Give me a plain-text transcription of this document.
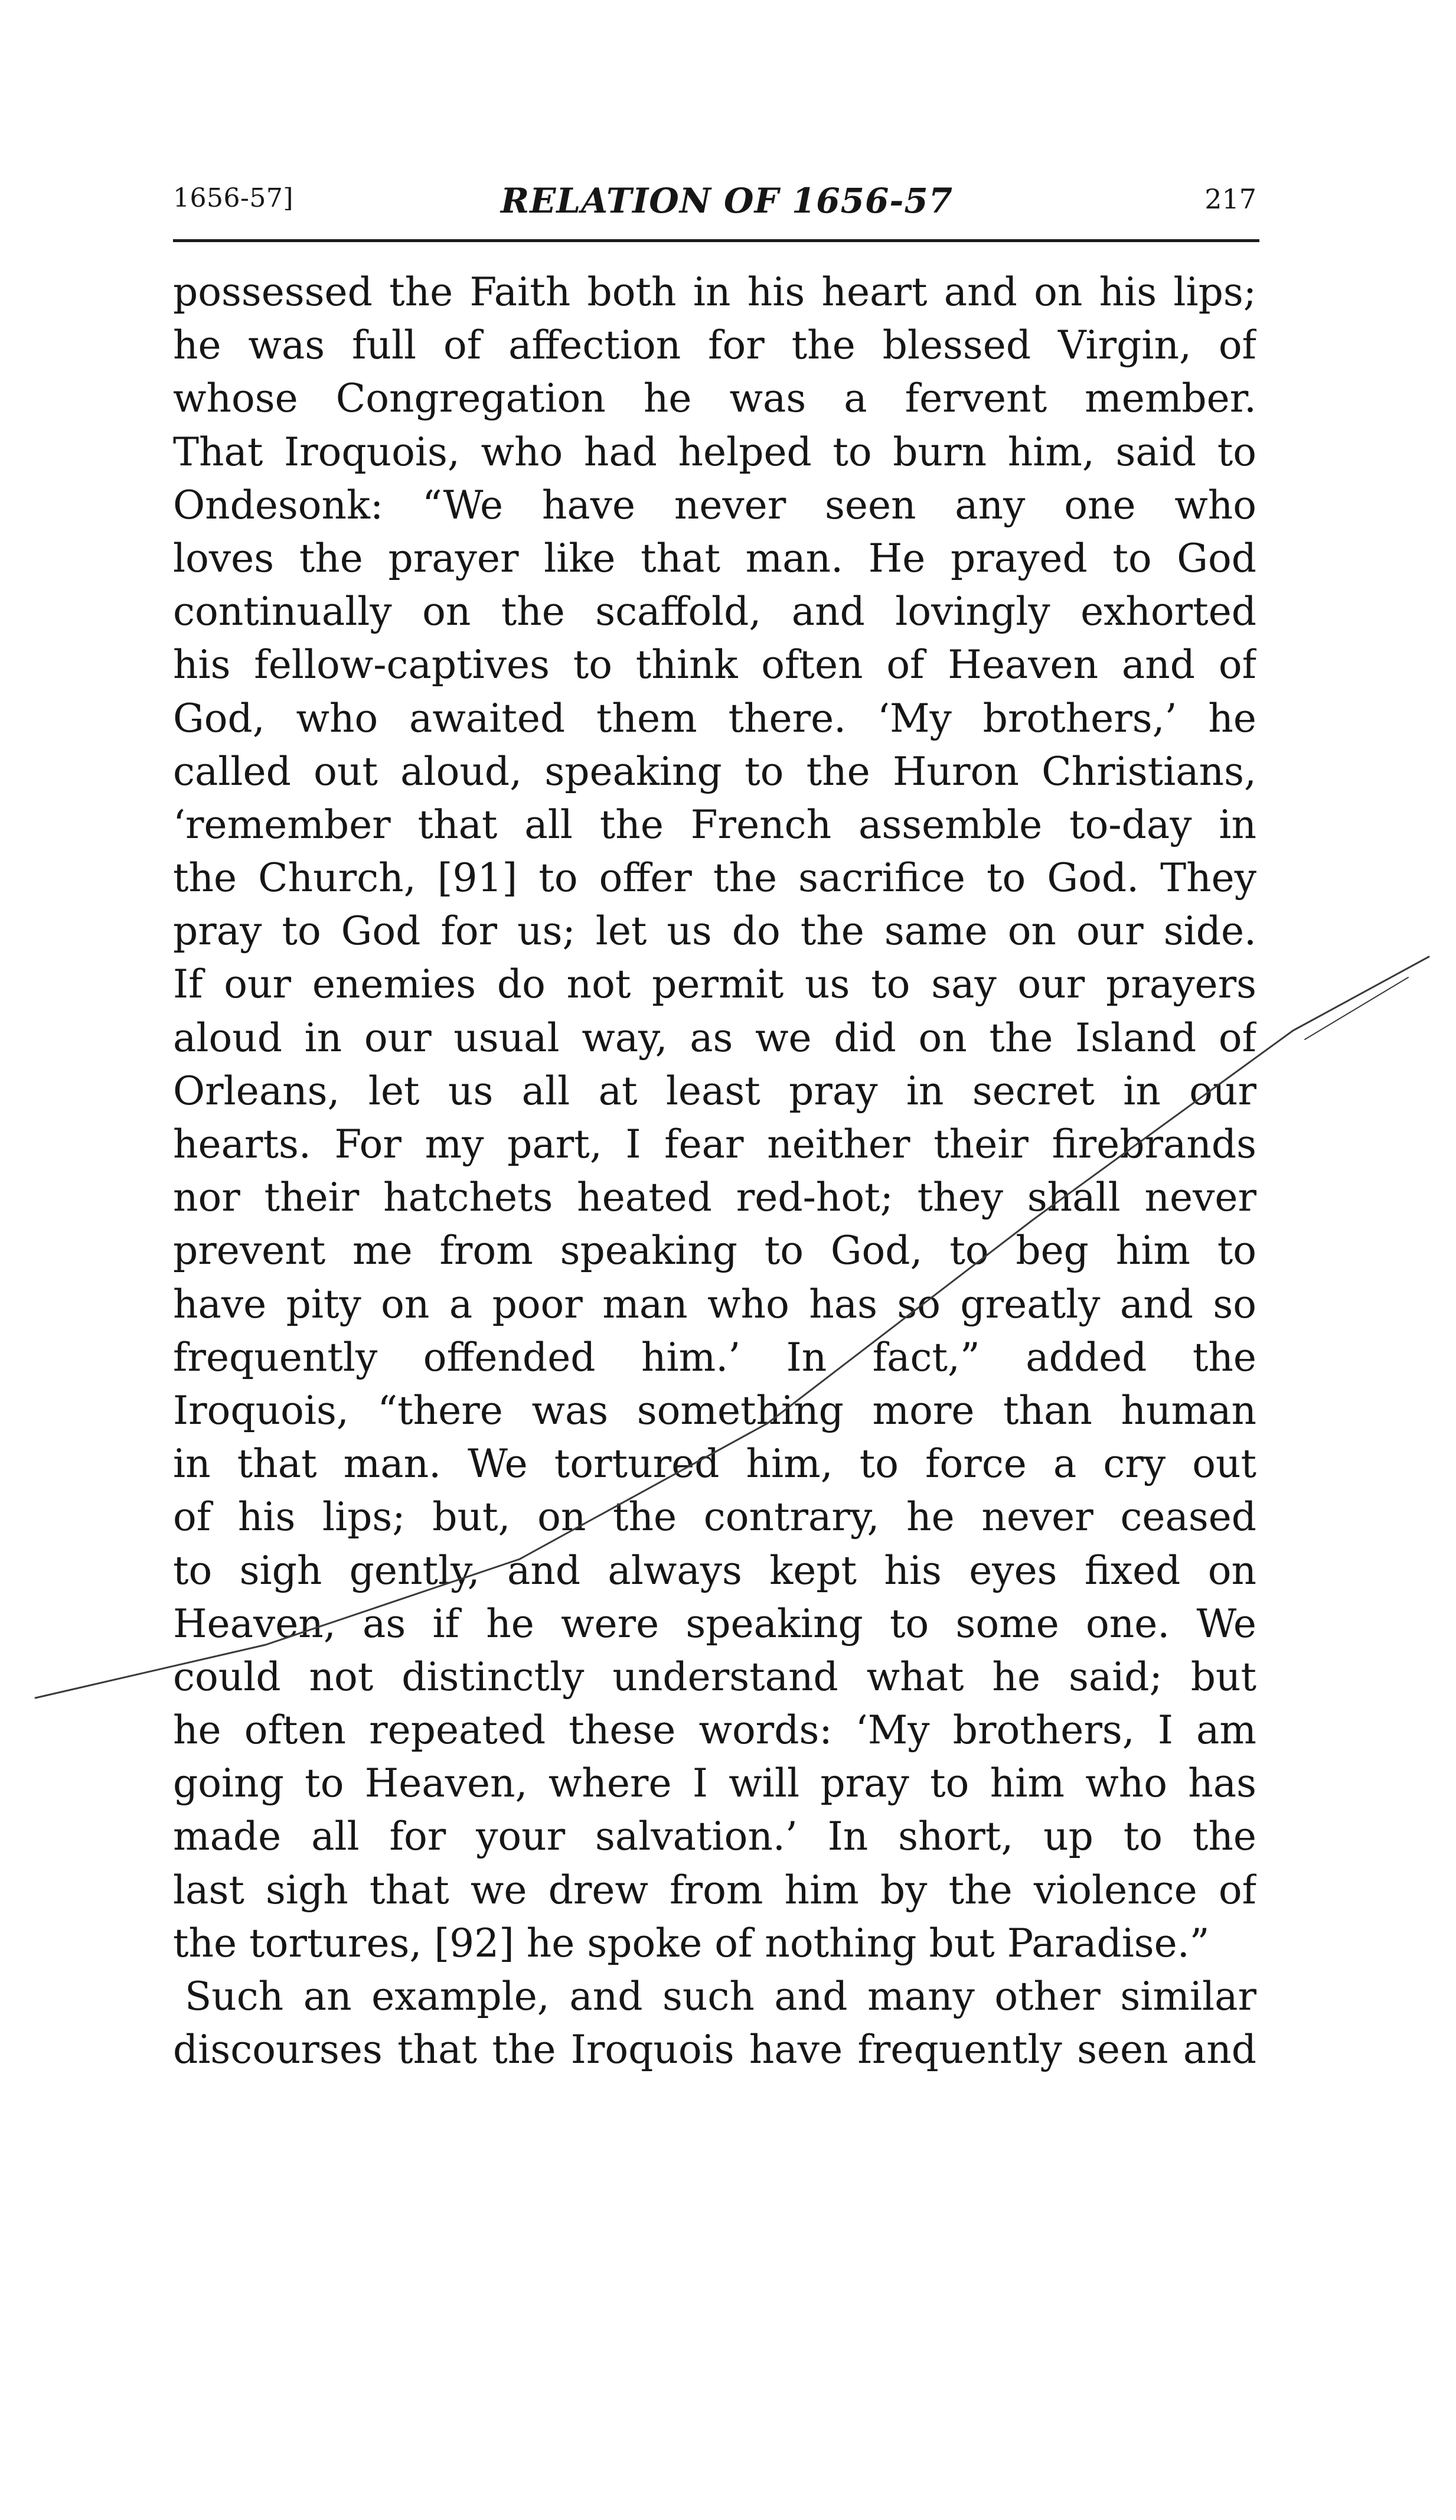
1656-57]	RELATION OF 1656-57	217
possessed the Faith both in his heart and on his lips;
he was full of affection for the blessed Virgin, of
whose Congregation he was a fervent member.
That Iroquois, who had helped to burn him, said to
Ondesonk: “We have never seen any one who
loves the prayer like that man. He prayed to God
continually on the scaffold, and lovingly exhorted
his fellow-captives to think often of Heaven and of
God, who awaited them there. ‘My brothers,’ he
called out aloud, speaking to the Huron Christians,
‘remember that all the French assemble to-day in
the Church, [91] to offer the sacrifice to God. They
pray to God for us; let us do the same on our side.
If our enemies do not permit us to say our prayers
aloud in our usual way, as we did on the Island of
Orleans, let us all at least pray in secret in our
hearts. For my part, I fear neither their firebrands
nor their hatchets heated red-hot; they shall never
prevent me from speaking to God, to beg him to
have pity on a poor man who has so greatly and so
frequently offended him.’ In fact,” added the
Iroquois, “there was something more than human
in that man. We tortured him, to force a cry out
of his lips; but, on the contrary, he never ceased
to sigh gently, and always kept his eyes fixed on
Heaven, as if he were speaking to some one. We
could not distinctly understand what he said; but
he often repeated these words: ‘My brothers, I am
going to Heaven, where I will pray to him who has
made all for your salvation.’ In short, up to the
last sigh that we drew from him by the violence of
the tortures, [92] he spoke of nothing but Paradise.”
Such an example, and such and many other similar
discourses that the Iroquois have frequently seen and
